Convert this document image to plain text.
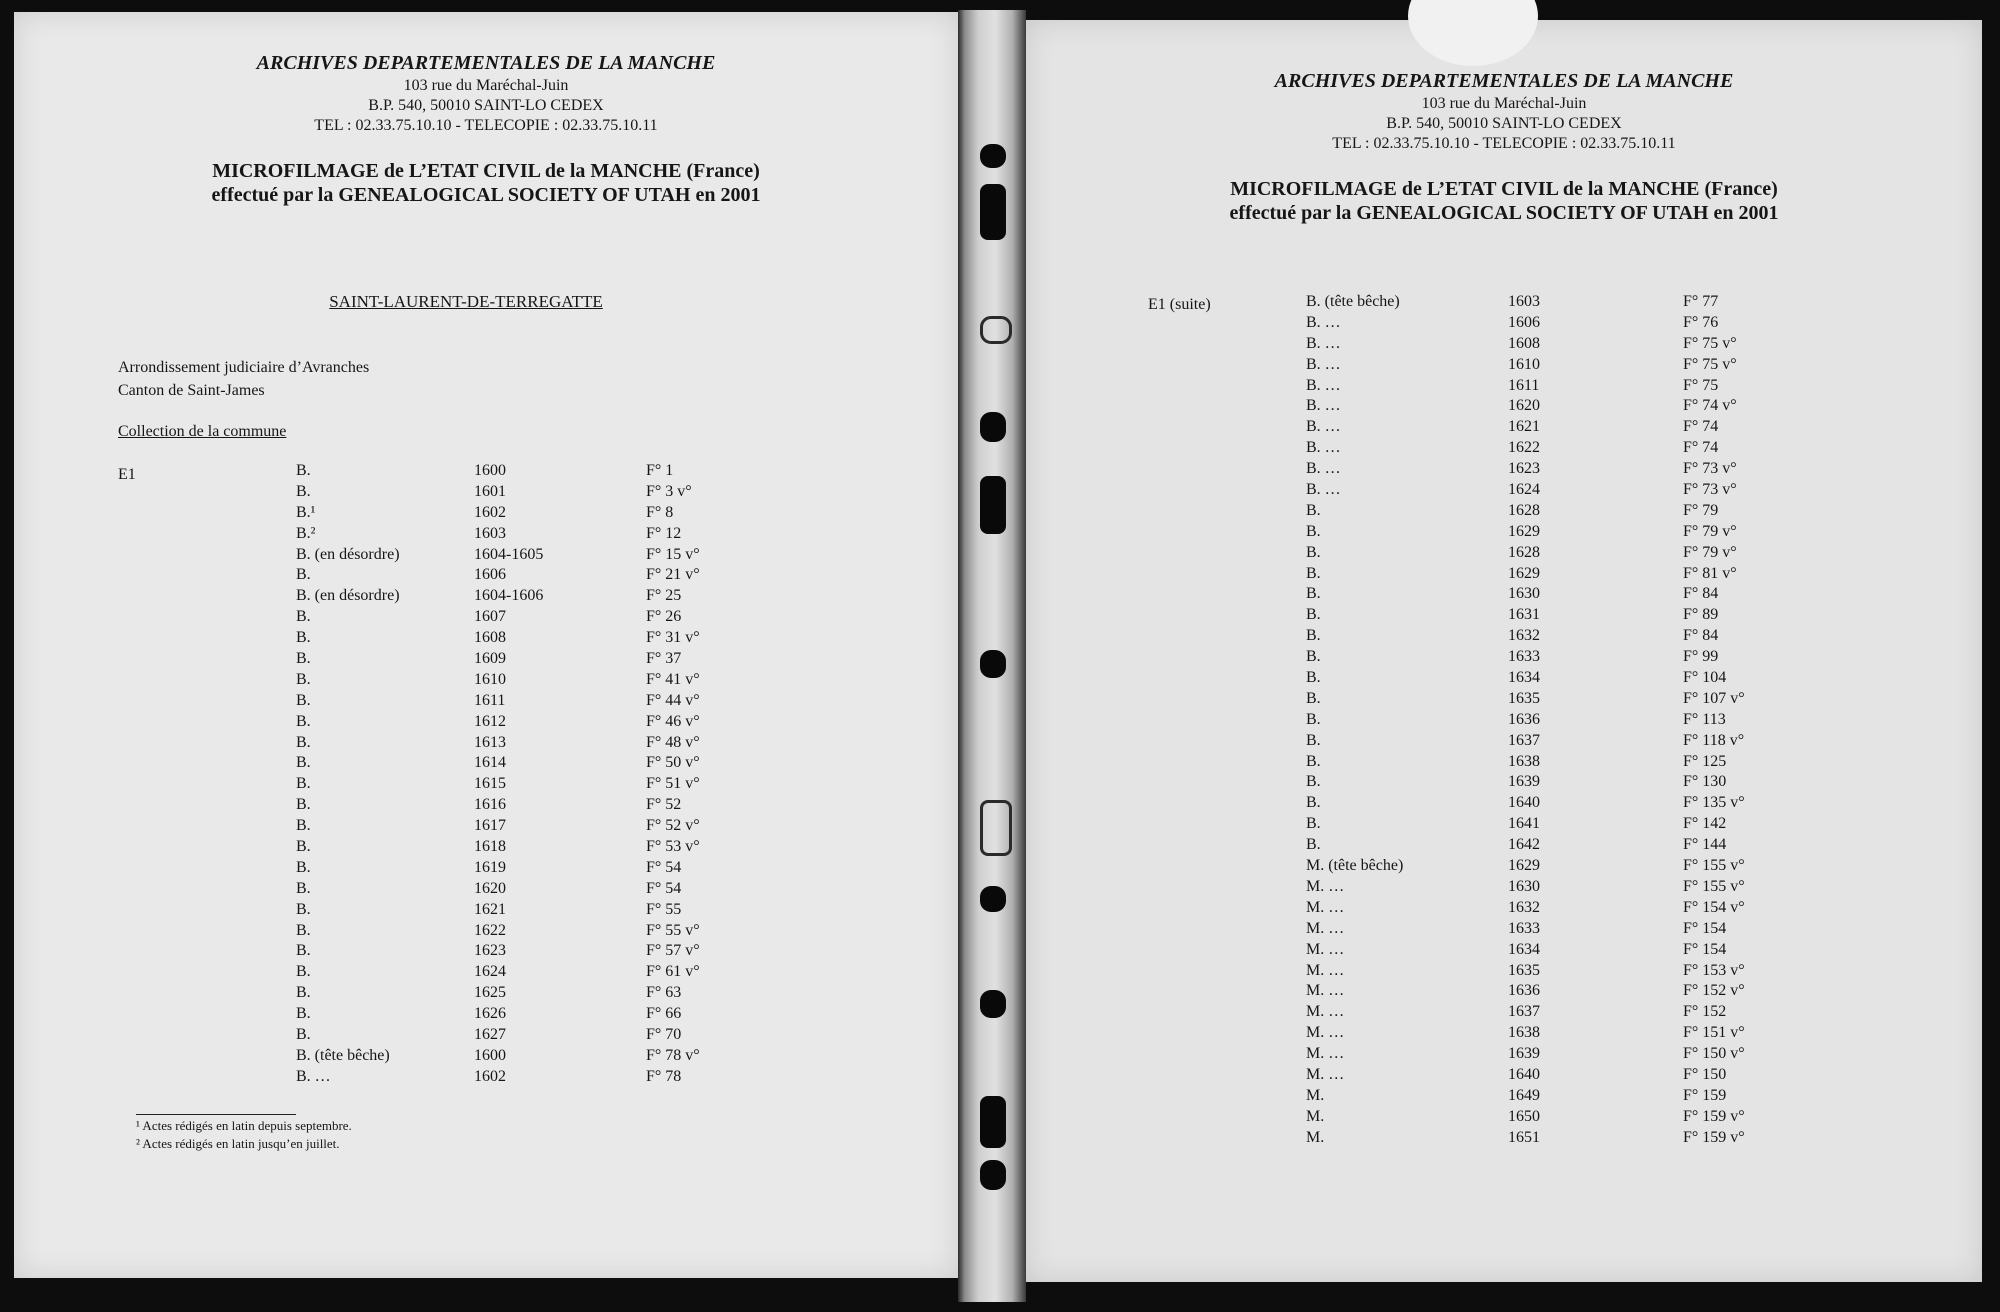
ARCHIVES DEPARTEMENTALES DE LA MANCHE
103 rue du Maréchal-Juin
B.P. 540, 50010 SAINT-LO CEDEX
TEL : 02.33.75.10.10 - TELECOPIE : 02.33.75.10.11
MICROFILMAGE de L’ETAT CIVIL de la MANCHE (France)
effectué par la GENEALOGICAL SOCIETY OF UTAH en 2001
SAINT-LAURENT-DE-TERREGATTE
Arrondissement judiciaire d’Avranches
Canton de Saint-James
Collection de la commune
E1	B.	1600	F° 1
B.	1601	F° 3 v°
B.¹	1602	F° 8
B.²	1603	F° 12
B. (en désordre)	1604-1605	F° 15 v°
B.	1606	F° 21 v°
B. (en désordre)	1604-1606	F° 25
B.	1607	F° 26
B.	1608	F° 31 v°
B.	1609	F° 37
B.	1610	F° 41 v°
B.	1611	F° 44 v°
B.	1612	F° 46 v°
B.	1613	F° 48 v°
B.	1614	F° 50 v°
B.	1615	F° 51 v°
B.	1616	F° 52
B.	1617	F° 52 v°
B.	1618	F° 53 v°
B.	1619	F° 54
B.	1620	F° 54
B.	1621	F° 55
B.	1622	F° 55 v°
B.	1623	F° 57 v°
B.	1624	F° 61 v°
B.	1625	F° 63
B.	1626	F° 66
B.	1627	F° 70
B. (tête bêche)	1600	F° 78 v°
B. …	1602	F° 78
¹ Actes rédigés en latin depuis septembre.
² Actes rédigés en latin jusqu’en juillet.
ARCHIVES DEPARTEMENTALES DE LA MANCHE
103 rue du Maréchal-Juin
B.P. 540, 50010 SAINT-LO CEDEX
TEL : 02.33.75.10.10 - TELECOPIE : 02.33.75.10.11
MICROFILMAGE de L’ETAT CIVIL de la MANCHE (France)
effectué par la GENEALOGICAL SOCIETY OF UTAH en 2001
E1 (suite)	B. (tête bêche)	1603	F° 77
B. …	1606	F° 76
B. …	1608	F° 75 v°
B. …	1610	F° 75 v°
B. …	1611	F° 75
B. …	1620	F° 74 v°
B. …	1621	F° 74
B. …	1622	F° 74
B. …	1623	F° 73 v°
B. …	1624	F° 73 v°
B.	1628	F° 79
B.	1629	F° 79 v°
B.	1628	F° 79 v°
B.	1629	F° 81 v°
B.	1630	F° 84
B.	1631	F° 89
B.	1632	F° 84
B.	1633	F° 99
B.	1634	F° 104
B.	1635	F° 107 v°
B.	1636	F° 113
B.	1637	F° 118 v°
B.	1638	F° 125
B.	1639	F° 130
B.	1640	F° 135 v°
B.	1641	F° 142
B.	1642	F° 144
M. (tête bêche)	1629	F° 155 v°
M. …	1630	F° 155 v°
M. …	1632	F° 154 v°
M. …	1633	F° 154
M. …	1634	F° 154
M. …	1635	F° 153 v°
M. …	1636	F° 152 v°
M. …	1637	F° 152
M. …	1638	F° 151 v°
M. …	1639	F° 150 v°
M. …	1640	F° 150
M.	1649	F° 159
M.	1650	F° 159 v°
M.	1651	F° 159 v°
